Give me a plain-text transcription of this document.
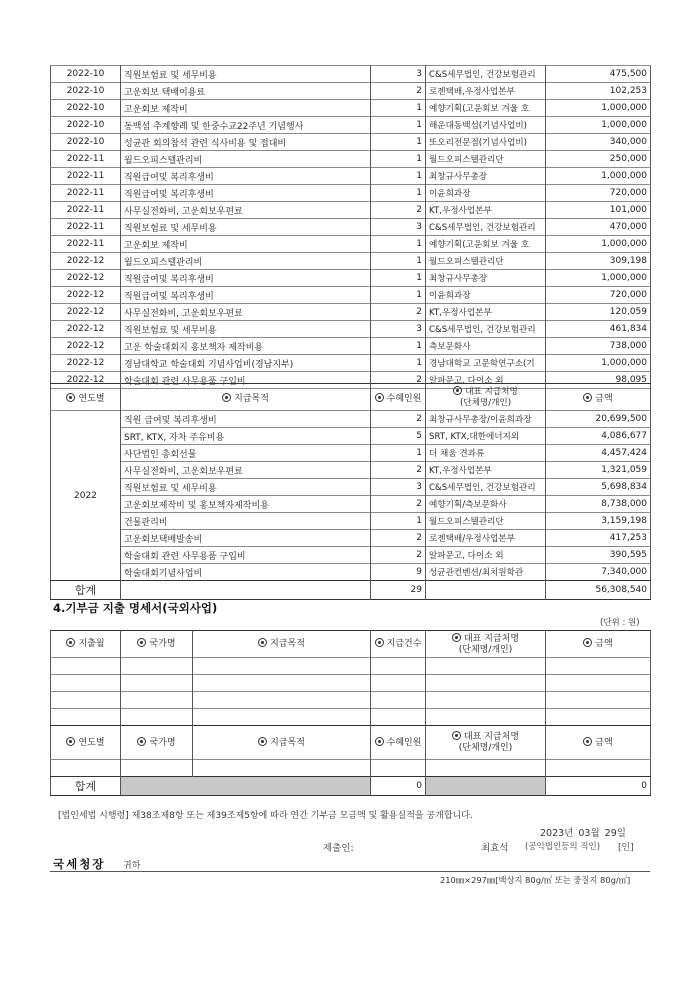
2022-10	직원보험료 및 세무비용	3	C&S세무법인, 건강보험관리	475,500
2022-10	고운회보 택배이용료	2	로젠택배,우정사업본부	102,253
2022-10	고운회보 제작비	1	예향기획(고운회보 겨울 호	1,000,000
2022-10	동백섬 추계향례 및 한중수교22주년 기념행사	1	해운대동백섬(기념사업비)	1,000,000
2022-10	성균관 회의참석 관련 식사비용 및 접대비	1	또오리전문점(기념사업비)	340,000
2022-11	월드오피스텔관리비	1	월드오피스텔관리단	250,000
2022-11	직원급여및 복리후생비	1	최창규사무총장	1,000,000
2022-11	직원급여및 복리후생비	1	이윤희과장	720,000
2022-11	사무실전화비, 고운회보우편료	2	KT,우정사업본부	101,000
2022-11	직원보험료 및 세무비용	3	C&S세무법인, 건강보험관리	470,000
2022-11	고운회보 제작비	1	예향기획(고운회보 겨울 호	1,000,000
2022-12	월드오피스텔관리비	1	월드오피스텔관리단	309,198
2022-12	직원급여및 복리후생비	1	최창규사무총장	1,000,000
2022-12	직원급여및 복리후생비	1	이윤희과장	720,000
2022-12	사무실전화비, 고운회보우편료	2	KT,우정사업본부	120,059
2022-12	직원보험료 및 세무비용	3	C&S세무법인, 건강보험관리	461,834
2022-12	고운 학술대회지 홍보책자 제작비용	1	측보문화사	738,000
2022-12	경남대학교 학술대회 기념사업비(경남지부)	1	경남대학교 고문학연구소(기	1,000,000
2022-12	학술대회 관련 사무용품 구입비	2	알파문고, 다이소 외	98,095
연도별	지급목적	수혜인원	대표 지급처명
(단체명/개인)	금액
2022	직원 급여및 복리후생비	2	최창규사무총장/이윤희과장	20,699,500
	SRT, KTX, 자차 주유비용	5	SRT, KTX,대한에너지외	4,086,677
	사단법인 총회선물	1	더 채움 견과류	4,457,424
	사무실전화비, 고운회보우편료	2	KT,우정사업본부	1,321,059
	직원보험료 및 세무비용	3	C&S세무법인, 건강보험관리	5,698,834
	고운회보제작비 및 홍보책자제작비용	2	예향기획/측보문화사	8,738,000
	건물관리비	1	월드오피스텔관리단	3,159,198
	고운회보택배발송비	2	로젠택배/우정사업본부	417,253
	학술대회 관련 사무용품 구입비	2	알파문고, 다이소 외	390,595
	학술대회기념사업비	9	성균관컨벤션/최치원학관	7,340,000
합계		29		56,308,540
4.기부금 지출 명세서(국외사업)
(단위 : 원)
지출월	국가명	지급목적	지급건수	대표 지급처명
(단체명/개인)	금액

연도별	국가명	지급목적	수혜인원	대표 지급처명
(단체명/개인)	금액

합계			0		0
[법인세법 시행령] 제38조제8항 또는 제39조제5항에 따라 연간 기부금 모금액 및 활용실적을 공개합니다.
2023년 03월 29일
제출인:	최효석 (공익법인등의 직인) [인]
국세청장 귀하
210㎜×297㎜[백상지 80g/㎡ 또는 중질지 80g/㎡]
